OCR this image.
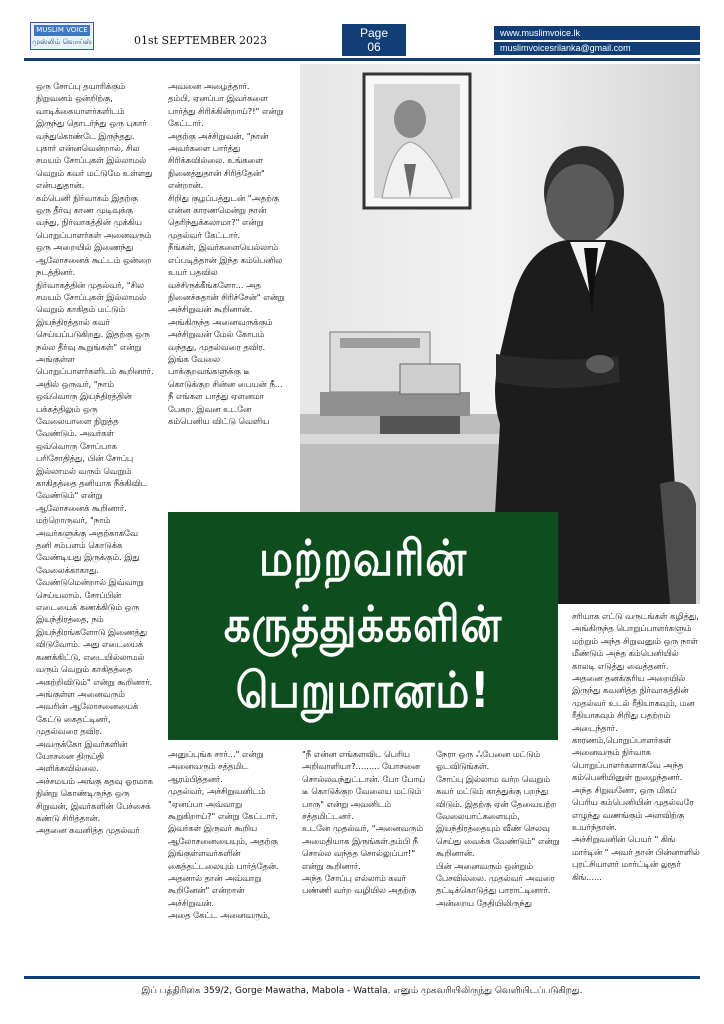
MUSLIM VOICE
முஸ்லிம் வொய்ஸ்	01st SEPTEMBER 2023
Page
06
www.muslimvoice.lk
muslimvoicesrilanka@gmail.com

ஒரு சோப்பு தயாரிக்கும் நிறுவனம் ஒன்றிற்கு, வாடிக்கையாளர்களிடம் இருந்து தொடர்ந்து ஒரு புகார் வந்துகொண்டே இருந்தது.

புகார் என்னவென்றால், சில சமயம் சோப்புகள் இல்லாமல் வெறும் கவர் மட்டுமே உள்ளது என்பதுதான்.

கம்பெனி நிர்வாகம் இதற்கு ஒரு தீர்வு காண முடிவுக்கு வந்து, நிர்வாகத்தின் முக்கிய பொறுப்பாளர்கள் அனைவரும் ஒரு அறையில் இணைந்து ஆலோசனைக் கூட்டம் ஒன்றை நடத்தினர்.

நிர்வாகத்தின் முதல்வர், "சில சமயம் சோப்புகள் இல்லாமல் வெறும் காகிதம் மட்டும் இயந்திரத்தால் கவர் செய்யப்படுகிறது. இதற்கு ஒரு நல்ல தீர்வு கூறுங்கள்" என்று அங்குள்ள பொறுப்பாளர்களிடம் கூறினார்.

அதில் ஒருவர், "நாம் ஒவ்வொரு இயந்திரத்தின் பக்கத்திலும் ஒரு வேலையாளை நிறுத்த வேண்டும். அவர்கள் ஒவ்வொரு சோப்பாக பரிசோதித்து, பின் சோப்பு இல்லாமல் வரும் வெறும் காகிதத்தை தனியாக நீக்கிவிட வேண்டும்" என்று ஆலோசனைக் கூறினார்.

மற்றொருவர், "நாம் அவர்களுக்கு அதற்காகவே தனி சம்பளம் கொடுக்க வேண்டியது இருக்கும். இது வேலைக்காகாது.

வேண்டுமென்றால் இவ்வாறு செய்யலாம். சோப்பின் எடையைக் கணக்கிடும் ஒரு இயந்திரத்தை, நம் இயந்திரங்களோடு இணைத்து விடுவோம். அது எடையைக் கணக்கிட்டு, எடையில்லாமல் வரும் வெறும் காகிதத்தை அகற்றிவிடும்" என்று கூறினார்.

அங்குள்ள அனைவரும் அவரின் ஆலோசனையைக் கேட்டு கைதட்டினர், முதல்வரை தவிர.

அவருக்கோ இவர்களின் யோசனை திருப்தி அளிக்கவில்லை.

அச்சமயம் அங்கு கதவு ஓரமாக நின்று கொண்டிருந்த ஒரு சிறுவன், இவர்களின் பேச்சைக் கண்டு சிரித்தான்.

அதனை கவனித்த முதல்வர்

அவனை அழைத்தார்.

தம்பி, ஏனப்பா இவர்களை பார்த்து சிரிக்கின்றாய்?!" என்று கேட்டார்.

அதற்கு அச்சிறுவன், "நான் அவர்களை பார்த்து சிரிக்கவில்லை. உங்களை நினைத்துதான் சிரித்தேன்" என்றான்.

சிறிது குழப்பத்துடன் "அதற்கு என்ன காரணமென்று நான் தெரிந்துக்கலாமா?" என்று முதல்வர் கேட்டார்.

நீங்கள், இவர்களையெல்லாம் எப்படித்தான் இந்த கம்பெனில உயர் பதவில வச்சிருக்கீங்களோ... அத நினைச்சுதான் சிரிச்சேன்" என்று அச்சிறுவன் கூறினான்.

அங்கிருந்த அனைவருக்கும் அச்சிறுவன் மேல் கோபம் வந்தது, முதல்வரை தவிர.

இங்க வேலை பாக்குறவங்களுக்கு டீ கொடுக்குற சின்ன பையன் நீ...

நீ எங்கள பாத்து ஏளனமா பேசுற. இவன உடனே கம்பெனிய விட்டு வெளிய

மற்றவரின்
கருத்துக்களின்
பெறுமானம்!

அனுப்புங்க சார்..." என்று அனைவரும் சத்தமிட ஆரம்பித்தனர்.

முதல்வர், அச்சிறுவனிடம் "ஏனப்பா அவ்வாறு கூறுகிறாய்?" என்று கேட்டார்.

இவர்கள் இருவர் கூறிய ஆலோசனையையும், அதற்கு இங்குள்ளவர்களின் கைத்தட்டலையும் பார்த்தேன். அதனால் தான் அவ்வாறு கூறினேன்" என்றான் அச்சிறுவன்.

அதை கேட்ட அனைவரும்,

"நீ என்ன எங்களவிட பெரிய அறிவாளியா?......... யோசனை சொல்லவந்துட்டான். போ போய் டீ கொடுக்குற வேலைய மட்டும் பாரு" என்று அவனிடம் சத்தமிட்டனர்.

உடனே முதல்வர், "அனைவரும் அமைதியாக இருங்கள்.தம்பி நீ சொல்ல வந்தத சொல்லுப்பா!" என்று கூறினார்.

அந்த சோப்பு எல்லாம் கவர் பண்ணி வர்ற வழியில அதற்கு

நேரா ஒரு ஃபேனை மட்டும் ஓடவிடுங்கள்.

சோப்பு இல்லாம வர்ற வெறும் கவர் மட்டும் காத்துக்கு பறந்து விடும். இதற்கு ஏன் தேவையற்ற வேலையாட்களையும், இயந்திரத்தையும் வீண் செலவு செய்து வைக்க வேண்டும்" என்று கூறினான்.

பின் அனைவரும் ஒன்றும் பேசவில்லை. முதல்வர் அவரை தட்டிக்கொடுத்து பாராட்டினார்.

அன்றைய தேதியிலிருந்து

சரியாக எட்டு வருடங்கள் கழித்து, அங்கிருந்த பொறுப்பாளர்களும் மற்றும் அந்த சிறுவனும் ஒரு நாள் மீண்டும் அந்த கம்பெனியில் காலடி எடுத்து வைத்தனர்.

அதனை தனக்குரிய அறையில் இருந்து கவனித்த நிர்வாகத்தின் முதல்வர் உடல் ரீதியாகவும், மன ரீதியாகவும் சிறிது பதற்றம் அடைந்தார்.

காரணம்,பொறுப்பாளர்கள் அனைவரும் நிர்வாக பொறுப்பாளர்களாகவே அந்த கம்பெனியினுள் நுழைந்தனர்.

அந்த சிறுவனோ, ஒரு மிகப் பெரிய கம்பெனியின் முதல்வரே எழுந்து வணங்கும் அளவிற்கு உயர்ந்தான்.

அச்சிறுவனின் பெயர் " கிங் மார்டின் " அவர் தான் பின்னாளில் புரட்சியாளர் மார்ட்டின் லூதர் கிங்......

இப் பத்திரிகை 359/2, Gorge Mawatha, Mabola - Wattala. எனும் முகவரியிலிருந்து வெளியிடப்படுகிறது.
